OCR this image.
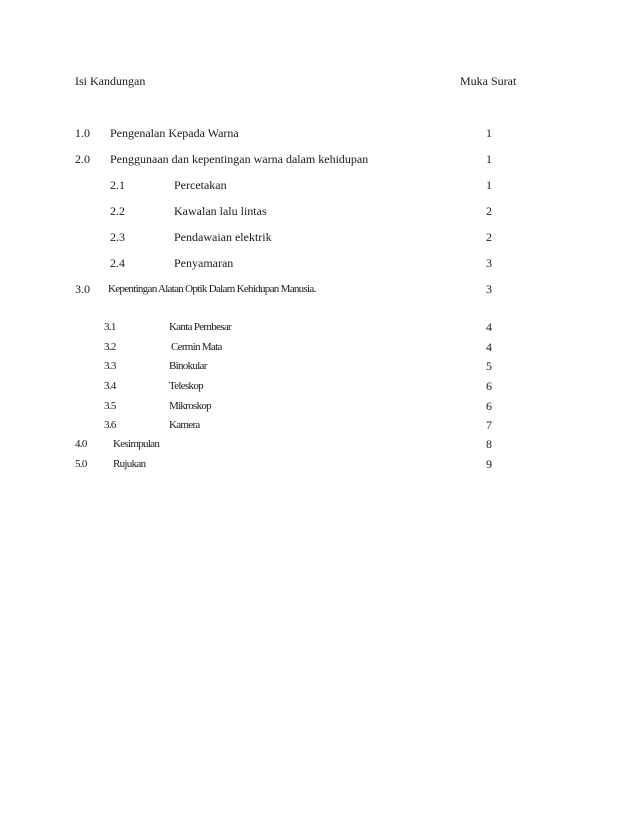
Isi Kandungan	Muka Surat
1.0 Pengenalan Kepada Warna	1
2.0 Penggunaan dan kepentingan warna dalam kehidupan	1
2.1	Percetakan	1
2.2	Kawalan lalu lintas	2
2.3	Pendawaian elektrik	2
2.4	Penyamaran	3
3.0 Kepentingan Alatan Optik Dalam Kehidupan Manusia.	3
3.1	Kanta Pembesar	4
3.2	Cermin Mata	4
3.3	Binokular	5
3.4	Teleskop	6
3.5	Mikroskop	6
3.6	Kamera	7
4.0 Kesimpulan	8
5.0 Rujukan	9
